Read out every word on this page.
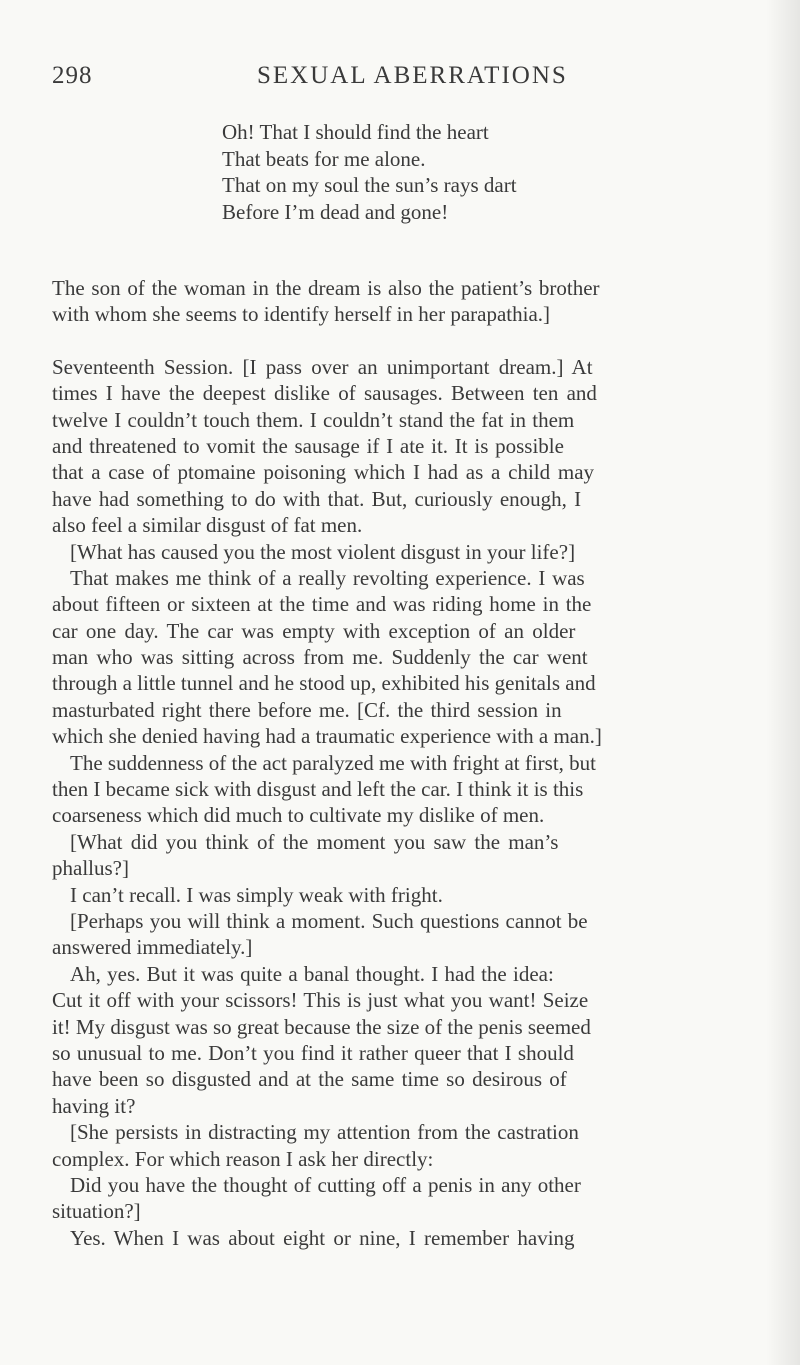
298	SEXUAL ABERRATIONS
Oh! That I should find the heart
That beats for me alone.
That on my soul the sun’s rays dart
Before I’m dead and gone!
The son of the woman in the dream is also the patient’s brother
with whom she seems to identify herself in her parapathia.]
Seventeenth Session. [I pass over an unimportant dream.] At
times I have the deepest dislike of sausages. Between ten and
twelve I couldn’t touch them. I couldn’t stand the fat in them
and threatened to vomit the sausage if I ate it. It is possible
that a case of ptomaine poisoning which I had as a child may
have had something to do with that. But, curiously enough, I
also feel a similar disgust of fat men.
[What has caused you the most violent disgust in your life?]
That makes me think of a really revolting experience. I was
about fifteen or sixteen at the time and was riding home in the
car one day. The car was empty with exception of an older
man who was sitting across from me. Suddenly the car went
through a little tunnel and he stood up, exhibited his genitals and
masturbated right there before me. [Cf. the third session in
which she denied having had a traumatic experience with a man.]
The suddenness of the act paralyzed me with fright at first, but
then I became sick with disgust and left the car. I think it is this
coarseness which did much to cultivate my dislike of men.
[What did you think of the moment you saw the man’s
phallus?]
I can’t recall. I was simply weak with fright.
[Perhaps you will think a moment. Such questions cannot be
answered immediately.]
Ah, yes. But it was quite a banal thought. I had the idea:
Cut it off with your scissors! This is just what you want! Seize
it! My disgust was so great because the size of the penis seemed
so unusual to me. Don’t you find it rather queer that I should
have been so disgusted and at the same time so desirous of
having it?
[She persists in distracting my attention from the castration
complex. For which reason I ask her directly:
Did you have the thought of cutting off a penis in any other
situation?]
Yes. When I was about eight or nine, I remember having
